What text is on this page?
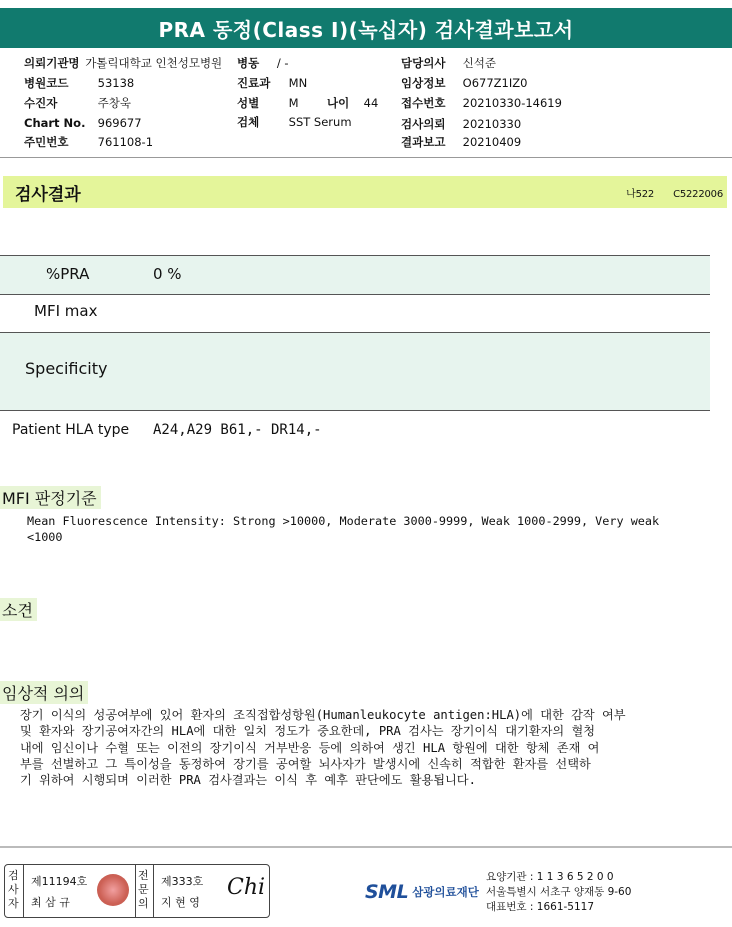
PRA 동정(Class I)(녹십자) 검사결과보고서
의뢰기관명 가톨릭대학교 인천성모병원 병동 / -	담당의사 신석준
병원코드	53138	진료과 MN	임상정보 O677Z1IZ0
수진자	주창욱	성별	M 나이 44 접수번호 20210330-14619
Chart No. 969677	검체	SST Serum	검사의뢰 20210330
주민번호	761108-1	결과보고 20210409
검사결과	나522 C5222006
%PRA	0 %
MFI max
Specificity
Patient HLA type A24,A29 B61,- DR14,-
MFI 판정기준
Mean Fluorescence Intensity: Strong >10000, Moderate 3000-9999, Weak 1000-2999, Very weak
<1000
소견
임상적 의의
장기 이식의 성공여부에 있어 환자의 조직접합성항원(Humanleukocyte antigen:HLA)에 대한 감작 여부
및 환자와 장기공여자간의 HLA에 대한 일치 정도가 중요한데, PRA 검사는 장기이식 대기환자의 혈청
내에 임신이나 수혈 또는 이전의 장기이식 거부반응 등에 의하여 생긴 HLA 항원에 대한 항체 존재 여
부를 선별하고 그 특이성을 동정하여 장기를 공여할 뇌사자가 발생시에 신속히 적합한 환자를 선택하
기 위하여 시행되며 이러한 PRA 검사결과는 이식 후 예후 판단에도 활용됩니다.
검사자
제11194호
최 삼 규
전문의
제333호
지 현 영
Chi	SML 삼광의료재단
요양기관 : 1 1 3 6 5 2 0 0
서울특별시 서초구 양재동 9-60
대표번호 : 1661-5117
